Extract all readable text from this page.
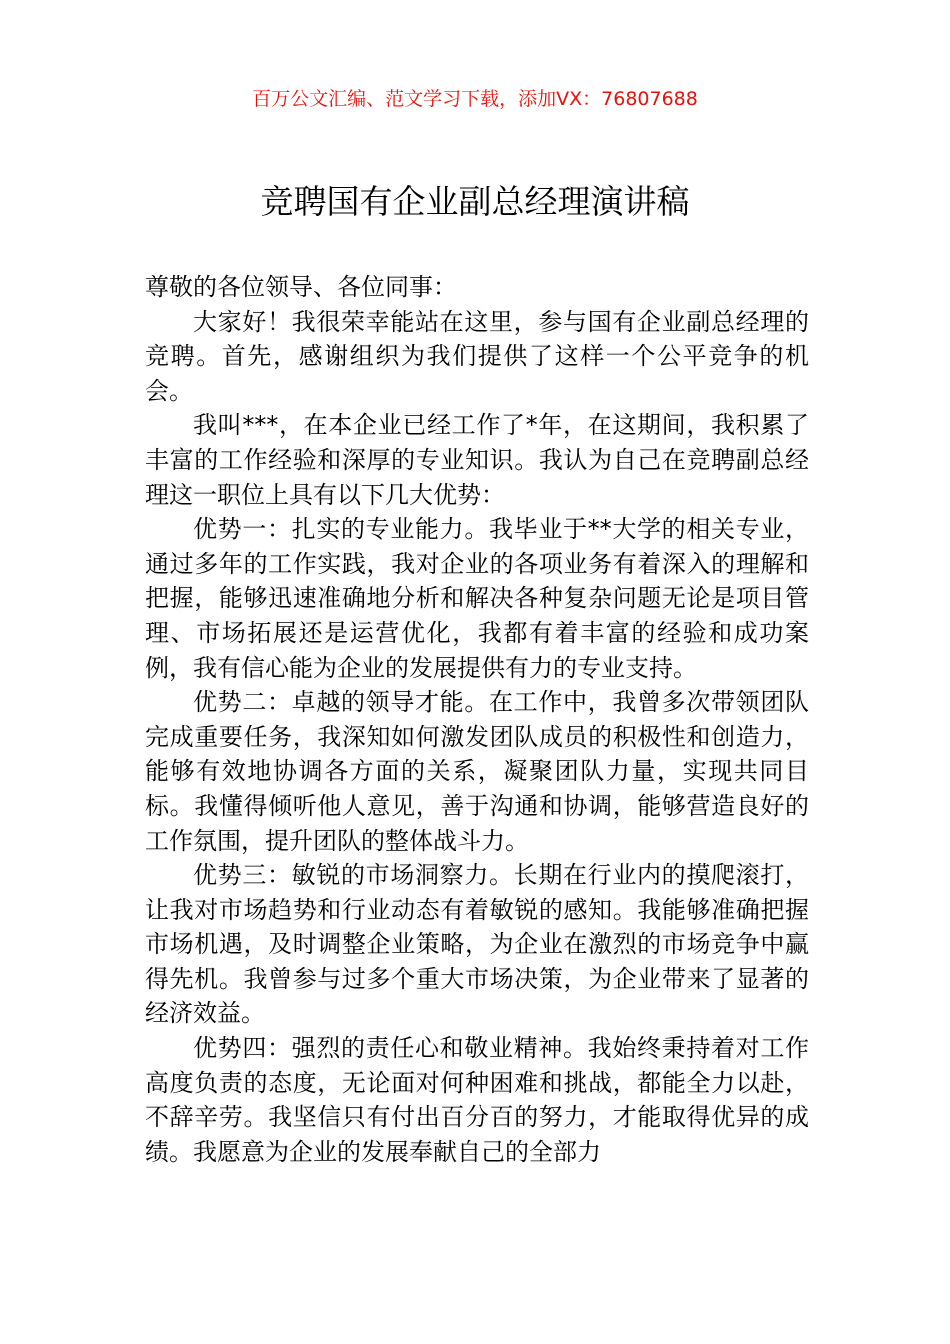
百万公文汇编、范文学习下载，添加VX：76807688
竞聘国有企业副总经理演讲稿

尊敬的各位领导、各位同事：

大家好！我很荣幸能站在这里，参与国有企业副总经理的竞聘。首先，感谢组织为我们提供了这样一个公平竞争的机会。

我叫***，在本企业已经工作了*年，在这期间，我积累了丰富的工作经验和深厚的专业知识。我认为自己在竞聘副总经理这一职位上具有以下几大优势：

优势一：扎实的专业能力。我毕业于**大学的相关专业，通过多年的工作实践，我对企业的各项业务有着深入的理解和把握，能够迅速准确地分析和解决各种复杂问题无论是项目管理、市场拓展还是运营优化，我都有着丰富的经验和成功案例，我有信心能为企业的发展提供有力的专业支持。

优势二：卓越的领导才能。在工作中，我曾多次带领团队完成重要任务，我深知如何激发团队成员的积极性和创造力，能够有效地协调各方面的关系，凝聚团队力量，实现共同目标。我懂得倾听他人意见，善于沟通和协调，能够营造良好的工作氛围，提升团队的整体战斗力。

优势三：敏锐的市场洞察力。长期在行业内的摸爬滚打，让我对市场趋势和行业动态有着敏锐的感知。我能够准确把握市场机遇，及时调整企业策略，为企业在激烈的市场竞争中赢得先机。我曾参与过多个重大市场决策，为企业带来了显著的经济效益。

优势四：强烈的责任心和敬业精神。我始终秉持着对工作高度负责的态度，无论面对何种困难和挑战，都能全力以赴，不辞辛劳。我坚信只有付出百分百的努力，才能取得优异的成绩。我愿意为企业的发展奉献自己的全部力
